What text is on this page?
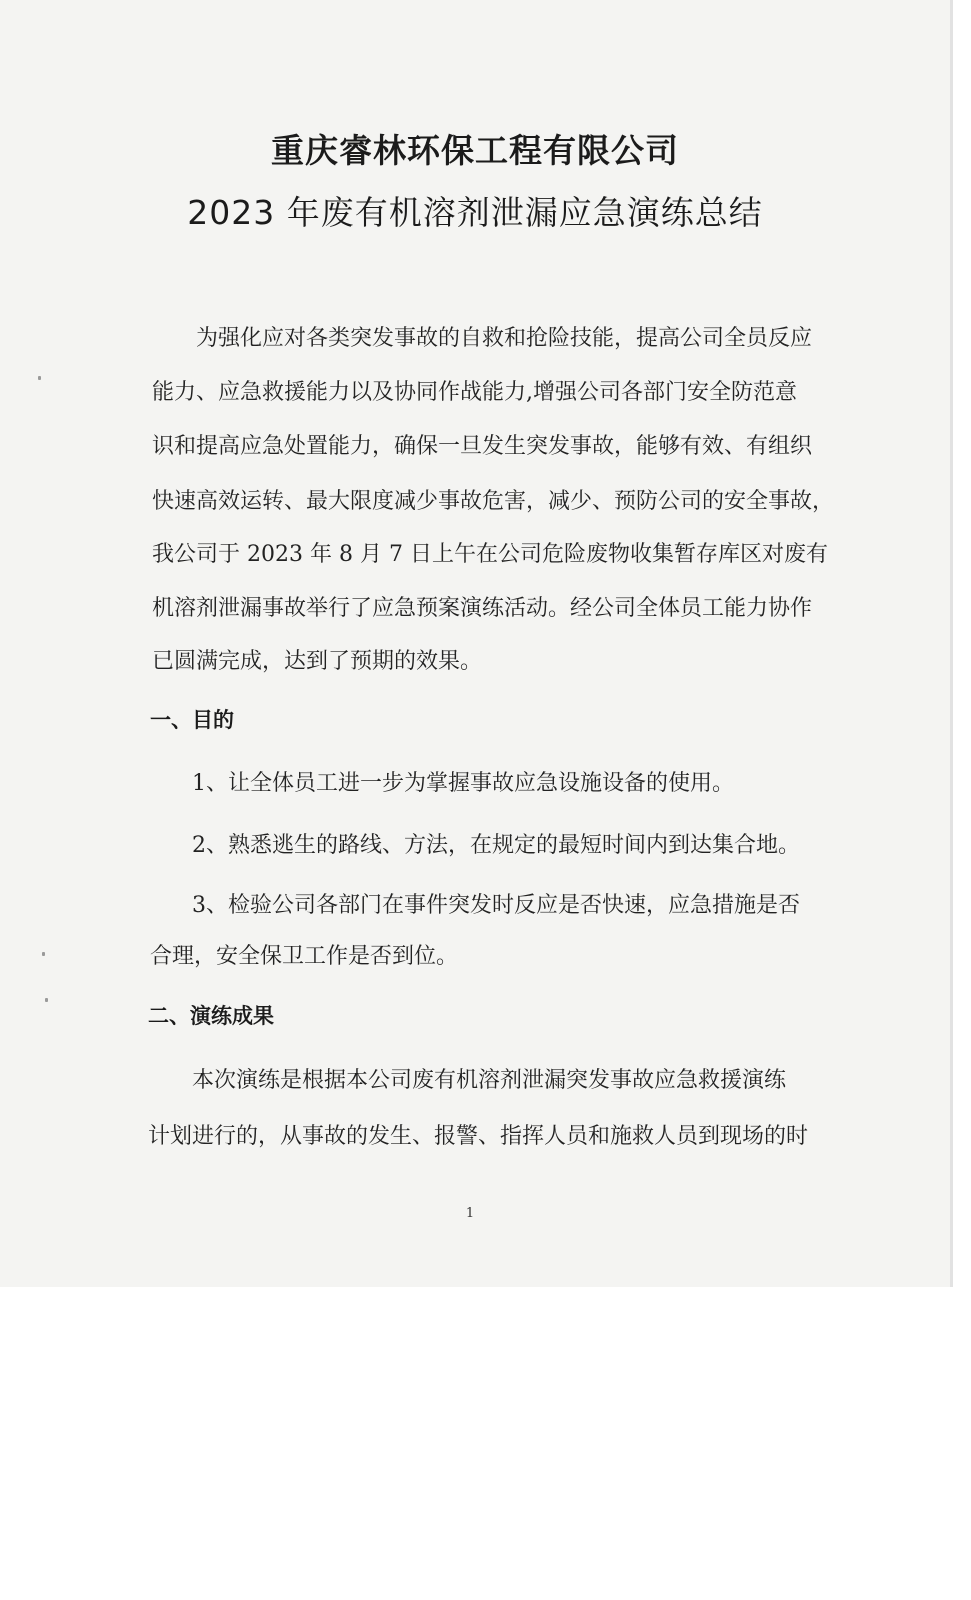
重庆睿林环保工程有限公司
2023 年废有机溶剂泄漏应急演练总结
为强化应对各类突发事故的自救和抢险技能，提高公司全员反应
能力、应急救援能力以及协同作战能力,增强公司各部门安全防范意
识和提高应急处置能力，确保一旦发生突发事故，能够有效、有组织
快速高效运转、最大限度减少事故危害，减少、预防公司的安全事故，
我公司于 2023 年 8 月 7 日上午在公司危险废物收集暂存库区对废有
机溶剂泄漏事故举行了应急预案演练活动。经公司全体员工能力协作
已圆满完成，达到了预期的效果。
一、目的
1、让全体员工进一步为掌握事故应急设施设备的使用。
2、熟悉逃生的路线、方法，在规定的最短时间内到达集合地。
3、检验公司各部门在事件突发时反应是否快速，应急措施是否
合理，安全保卫工作是否到位。
二、演练成果
本次演练是根据本公司废有机溶剂泄漏突发事故应急救援演练
计划进行的，从事故的发生、报警、指挥人员和施救人员到现场的时
1
